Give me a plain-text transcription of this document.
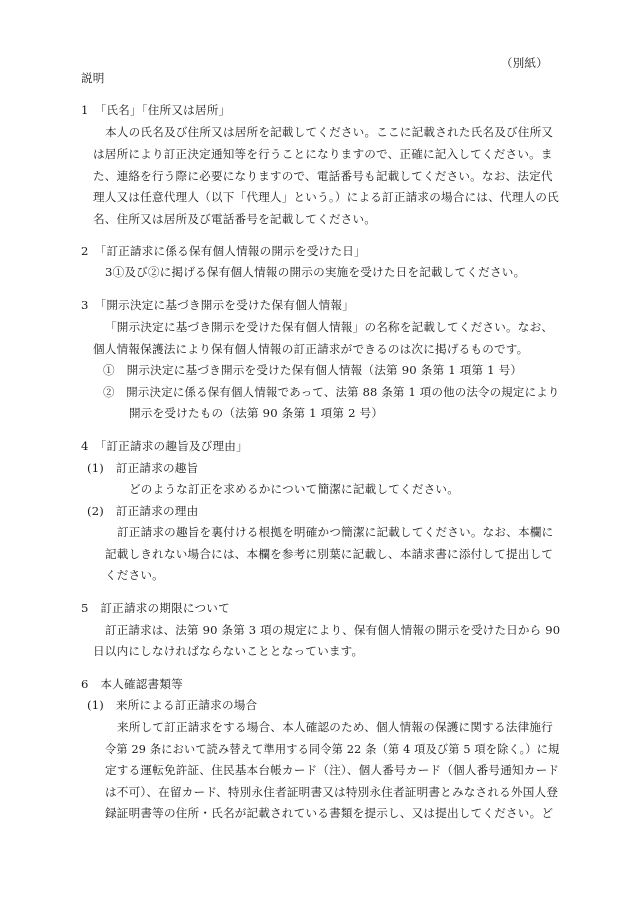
（別紙）
説明
1　「氏名」「住所又は居所」
本人の氏名及び住所又は居所を記載してください。ここに記載された氏名及び住所又
は居所により訂正決定通知等を行うことになりますので、正確に記入してください。ま
た、連絡を行う際に必要になりますので、電話番号も記載してください。なお、法定代
理人又は任意代理人（以下「代理人」という。）による訂正請求の場合には、代理人の氏
名、住所又は居所及び電話番号を記載してください。
2　「訂正請求に係る保有個人情報の開示を受けた日」
3①及び②に掲げる保有個人情報の開示の実施を受けた日を記載してください。
3　「開示決定に基づき開示を受けた保有個人情報」
「開示決定に基づき開示を受けた保有個人情報」の名称を記載してください。なお、
個人情報保護法により保有個人情報の訂正請求ができるのは次に掲げるものです。
①　開示決定に基づき開示を受けた保有個人情報（法第 90 条第 1 項第 1 号）
②　開示決定に係る保有個人情報であって、法第 88 条第 1 項の他の法令の規定により
開示を受けたもの（法第 90 条第 1 項第 2 号）
4　「訂正請求の趣旨及び理由」
(1)　訂正請求の趣旨
どのような訂正を求めるかについて簡潔に記載してください。
(2)　訂正請求の理由
訂正請求の趣旨を裏付ける根拠を明確かつ簡潔に記載してください。なお、本欄に
記載しきれない場合には、本欄を参考に別葉に記載し、本請求書に添付して提出して
ください。
5　訂正請求の期限について
訂正請求は、法第 90 条第 3 項の規定により、保有個人情報の開示を受けた日から 90
日以内にしなければならないこととなっています。
6　本人確認書類等
(1)　来所による訂正請求の場合
来所して訂正請求をする場合、本人確認のため、個人情報の保護に関する法律施行
令第 29 条において読み替えて準用する同令第 22 条（第 4 項及び第 5 項を除く。）に規
定する運転免許証、住民基本台帳カード（注）、個人番号カード（個人番号通知カード
は不可）、在留カード、特別永住者証明書又は特別永住者証明書とみなされる外国人登
録証明書等の住所・氏名が記載されている書類を提示し、又は提出してください。ど
